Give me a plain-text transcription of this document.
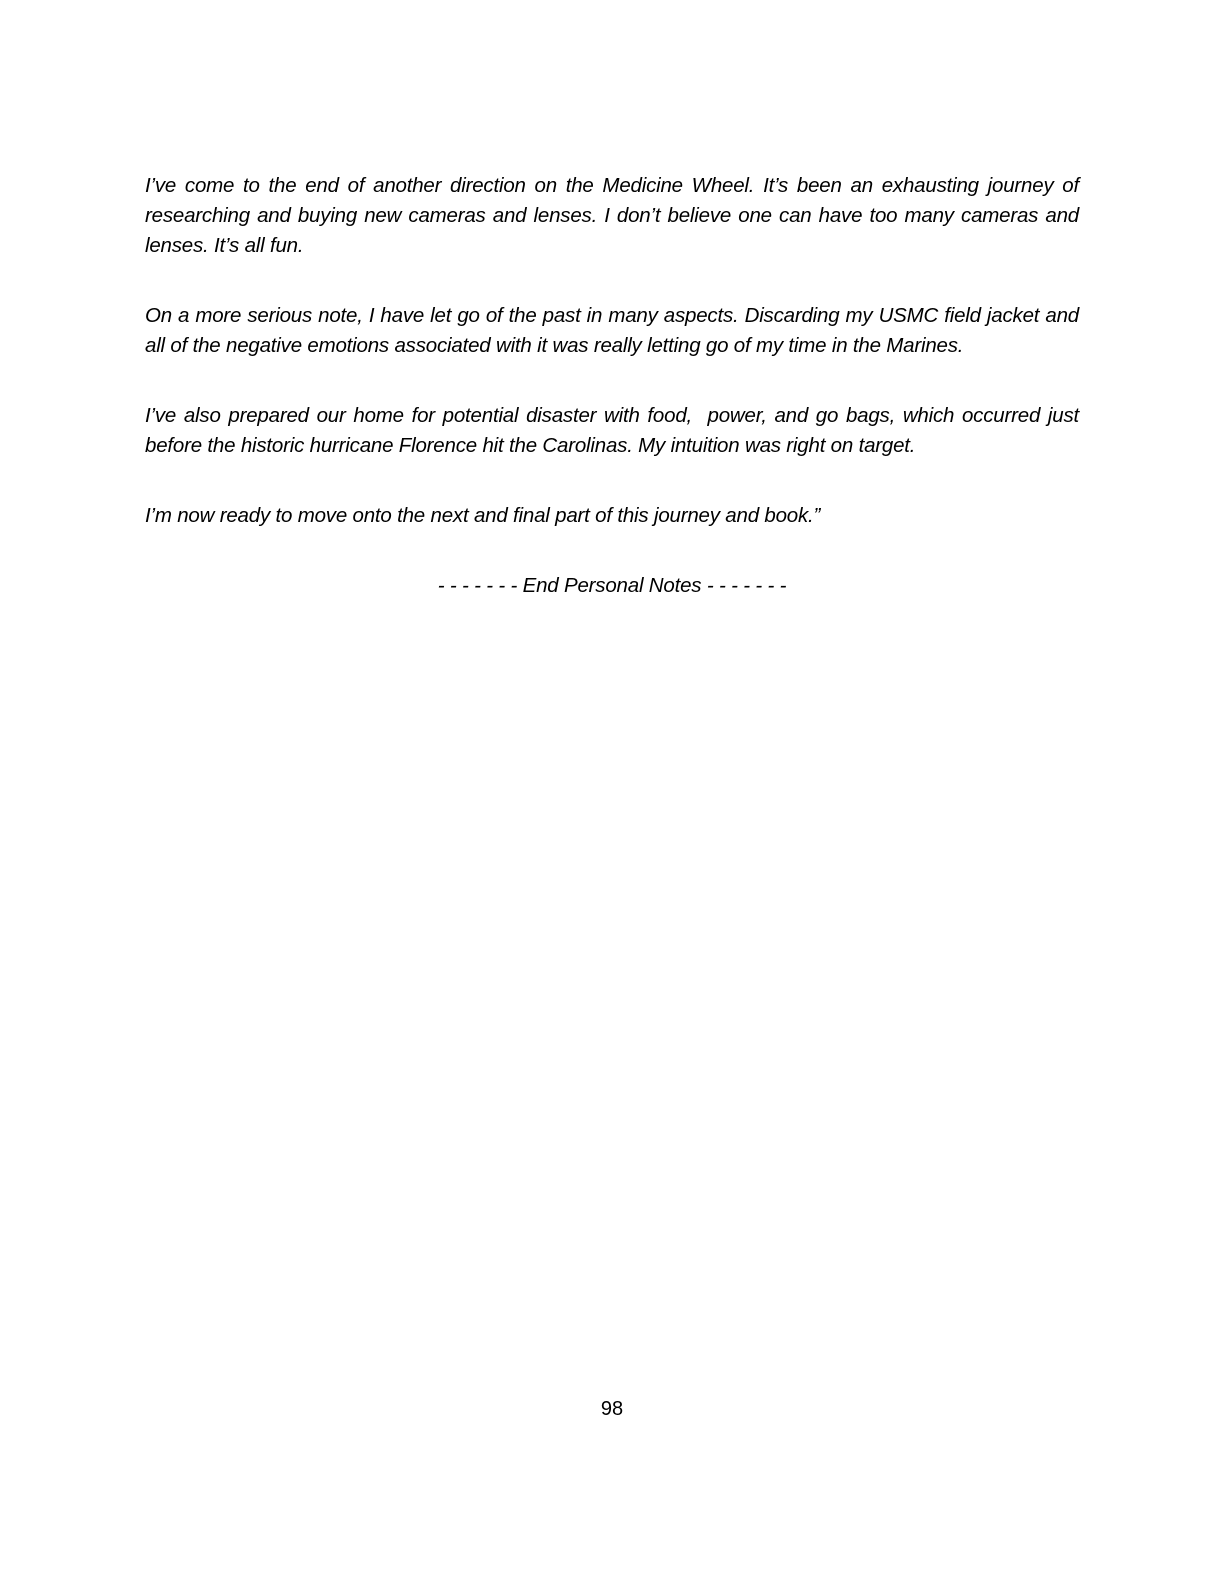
I’ve come to the end of another direction on the Medicine Wheel. It’s been an exhausting journey of
researching and buying new cameras and lenses. I don’t believe one can have too many cameras and
lenses. It’s all fun.

On a more serious note, I have let go of the past in many aspects. Discarding my USMC field jacket and
all of the negative emotions associated with it was really letting go of my time in the Marines.

I’ve also prepared our home for potential disaster with food,  power, and go bags, which occurred just
before the historic hurricane Florence hit the Carolinas. My intuition was right on target.

I’m now ready to move onto the next and final part of this journey and book.”

- - - - - - - End Personal Notes - - - - - - -
98
